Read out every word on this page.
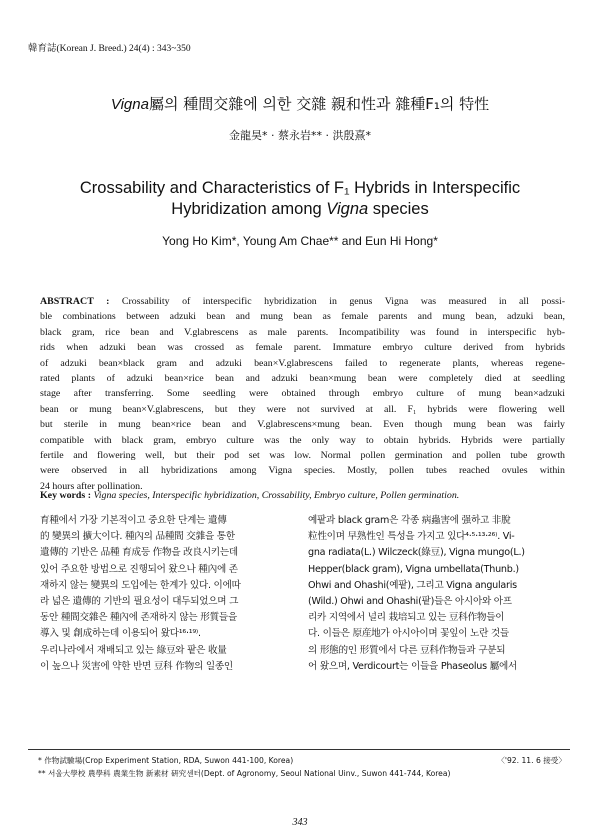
韓育誌(Korean J. Breed.) 24(4) : 343~350
Vigna屬의 種間交雜에 의한 交雜 親和性과 雜種F₁의 特性
金龍昊* · 蔡永岩** · 洪殷熹*
Crossability and Characteristics of F₁ Hybrids in Interspecific
Hybridization among Vigna species
Yong Ho Kim*, Young Am Chae** and Eun Hi Hong*
ABSTRACT : Crossability of interspecific hybridization in genus Vigna was measured in all possi-
ble combinations between adzuki bean and mung bean as female parents and mung bean, adzuki bean,
black gram, rice bean and V.glabrescens as male parents. Incompatibility was found in interspecific hyb-
rids when adzuki bean was crossed as female parent. Immature embryo culture derived from hybrids
of adzuki bean×black gram and adzuki bean×V.glabrescens failed to regenerate plants, whereas regene-
rated plants of adzuki bean×rice bean and adzuki bean×mung bean were completely died at seedling
stage after transferring. Some seedling were obtained through embryo culture of mung bean×adzuki
bean or mung bean×V.glabrescens, but they were not survived at all. F₁ hybrids were flowering well
but sterile in mung bean×rice bean and V.glabrescens×mung bean. Even though mung bean was fairly
compatible with black gram, embryo culture was the only way to obtain hybrids. Hybrids were partially
fertile and flowering well, but their pod set was low. Normal pollen germination and pollen tube growth
were observed in all hybridizations among Vigna species. Mostly, pollen tubes reached ovules within
24 hours after pollination.
Key words : Vigna species, Interspecific hybridization, Crossability, Embryo culture, Pollen germination.
育種에서 가장 기본적이고 중요한 단계는 遺傳
的 變異의 擴大이다. 種內의 品種間 交雜을 통한
遺傳的 기반은 品種 育成등 作物을 改良시키는데
있어 주요한 방법으로 진행되어 왔으나 種內에 존
재하지 않는 變異의 도입에는 한계가 있다. 이에따
라 넓은 遺傳的 기반의 필요성이 대두되었으며 그
동안 種間交雜은 種內에 존재하지 않는 形質들을
導入 및 創成하는데 이용되어 왔다¹⁶·¹⁹⁾.
우리나라에서 재배되고 있는 綠豆와 팥은 收量
이 높으나 災害에 약한 반면 豆科 作物의 일종인
예팥과 black gram은 각종 病蟲害에 强하고 非脫
粒性이며 早熟性인 특성을 가지고 있다⁴·⁵·¹³·²⁶⁾. Vi-
gna radiata(L.) Wilczeck(綠豆), Vigna mungo(L.)
Hepper(black gram), Vigna umbellata(Thunb.)
Ohwi and Ohashi(예팥), 그리고 Vigna angularis
(Wild.) Ohwi and Ohashi(팥)들은 아시아와 아프
리카 지역에서 널리 栽培되고 있는 豆科作物들이
다. 이들은 原産地가 아시아이며 꽃잎이 노란 것들
의 形態的인 形質에서 다른 豆科作物들과 구분되
어 왔으며, Verdicourt는 이들을 Phaseolus 屬에서
* 作物試驗場(Crop Experiment Station, RDA, Suwon 441-100, Korea)	〈'92. 11. 6 接受〉
** 서울大學校 農學科 農業生物 新素材 硏究센터(Dept. of Agronomy, Seoul National Uinv., Suwon 441-744, Korea)
343
